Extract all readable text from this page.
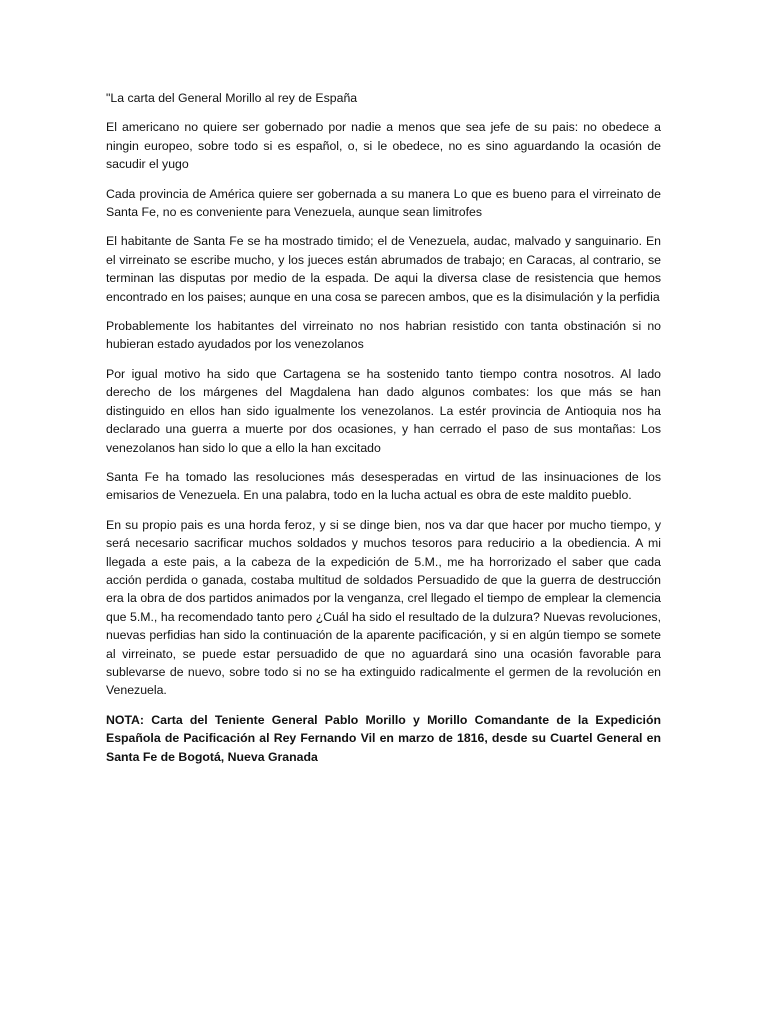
"La carta del General Morillo al rey de España

El americano no quiere ser gobernado por nadie a menos que sea jefe de su pais: no obedece a ningin europeo, sobre todo si es español, o, si le obedece, no es sino aguardando la ocasión de sacudir el yugo

Cada provincia de América quiere ser gobernada a su manera Lo que es bueno para el virreinato de Santa Fe, no es conveniente para Venezuela, aunque sean limitrofes

El habitante de Santa Fe se ha mostrado timido; el de Venezuela, audac, malvado y sanguinario. En el virreinato se escribe mucho, y los jueces están abrumados de trabajo; en Caracas, al contrario, se terminan las disputas por medio de la espada. De aqui la diversa clase de resistencia que hemos encontrado en los paises; aunque en una cosa se parecen ambos, que es la disimulación y la perfidia

Probablemente los habitantes del virreinato no nos habrian resistido con tanta obstinación si no hubieran estado ayudados por los venezolanos

Por igual motivo ha sido que Cartagena se ha sostenido tanto tiempo contra nosotros. Al lado derecho de los márgenes del Magdalena han dado algunos combates: los que más se han distinguido en ellos han sido igualmente los venezolanos. La estér provincia de Antioquia nos ha declarado una guerra a muerte por dos ocasiones, y han cerrado el paso de sus montañas: Los venezolanos han sido lo que a ello la han excitado

Santa Fe ha tomado las resoluciones más desesperadas en virtud de las insinuaciones de los emisarios de Venezuela. En una palabra, todo en la lucha actual es obra de este maldito pueblo.

En su propio pais es una horda feroz, y si se dinge bien, nos va dar que hacer por mucho tiempo, y será necesario sacrificar muchos soldados y muchos tesoros para reducirio a la obediencia. A mi llegada a este pais, a la cabeza de la expedición de 5.M., me ha horrorizado el saber que cada acción perdida o ganada, costaba multitud de soldados Persuadido de que la guerra de destrucción era la obra de dos partidos animados por la venganza, crel llegado el tiempo de emplear la clemencia que 5.M., ha recomendado tanto pero ¿Cuál ha sido el resultado de la dulzura? Nuevas revoluciones, nuevas perfidias han sido la continuación de la aparente pacificación, y si en algún tiempo se somete al virreinato, se puede estar persuadido de que no aguardará sino una ocasión favorable para sublevarse de nuevo, sobre todo si no se ha extinguido radicalmente el germen de la revolución en Venezuela.

NOTA: Carta del Teniente General Pablo Morillo y Morillo Comandante de la Expedición Española de Pacificación al Rey Fernando Vil en marzo de 1816, desde su Cuartel General en Santa Fe de Bogotá, Nueva Granada
